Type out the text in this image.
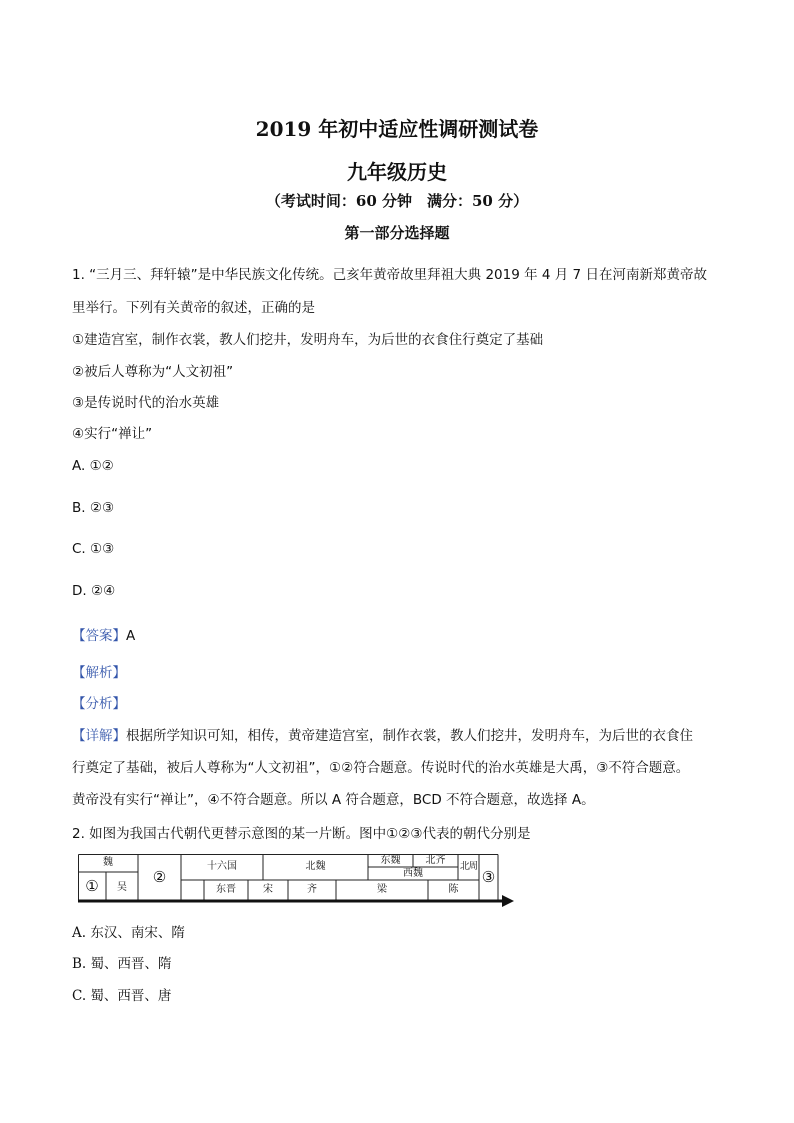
2019 年初中适应性调研测试卷
九年级历史
（考试时间：60 分钟　满分：50 分）
第一部分选择题
1. “三月三、拜轩辕”是中华民族文化传统。己亥年黄帝故里拜祖大典 2019 年 4 月 7 日在河南新郑黄帝故
里举行。下列有关黄帝的叙述，正确的是
①建造宫室，制作衣裳，教人们挖井，发明舟车，为后世的衣食住行奠定了基础
②被后人尊称为“人文初祖”
③是传说时代的治水英雄
④实行“禅让”
A. ①②
B. ②③
C. ①③
D. ②④
【答案】A
【解析】
【分析】
【详解】根据所学知识可知，相传，黄帝建造宫室，制作衣裳，教人们挖井，发明舟车，为后世的衣食住
行奠定了基础，被后人尊称为“人文初祖”，①②符合题意。传说时代的治水英雄是大禹，③不符合题意。
黄帝没有实行“禅让”，④不符合题意。所以 A 符合题意，BCD 不符合题意，故选择 A。
2. 如图为我国古代朝代更替示意图的某一片断。图中①②③代表的朝代分别是
魏
①	吴
②
十六国	北魏
东魏	北齐
西魏
北周
东晋	宋	齐	梁	陈
③
A. 东汉、南宋、隋
B. 蜀、西晋、隋
C. 蜀、西晋、唐
